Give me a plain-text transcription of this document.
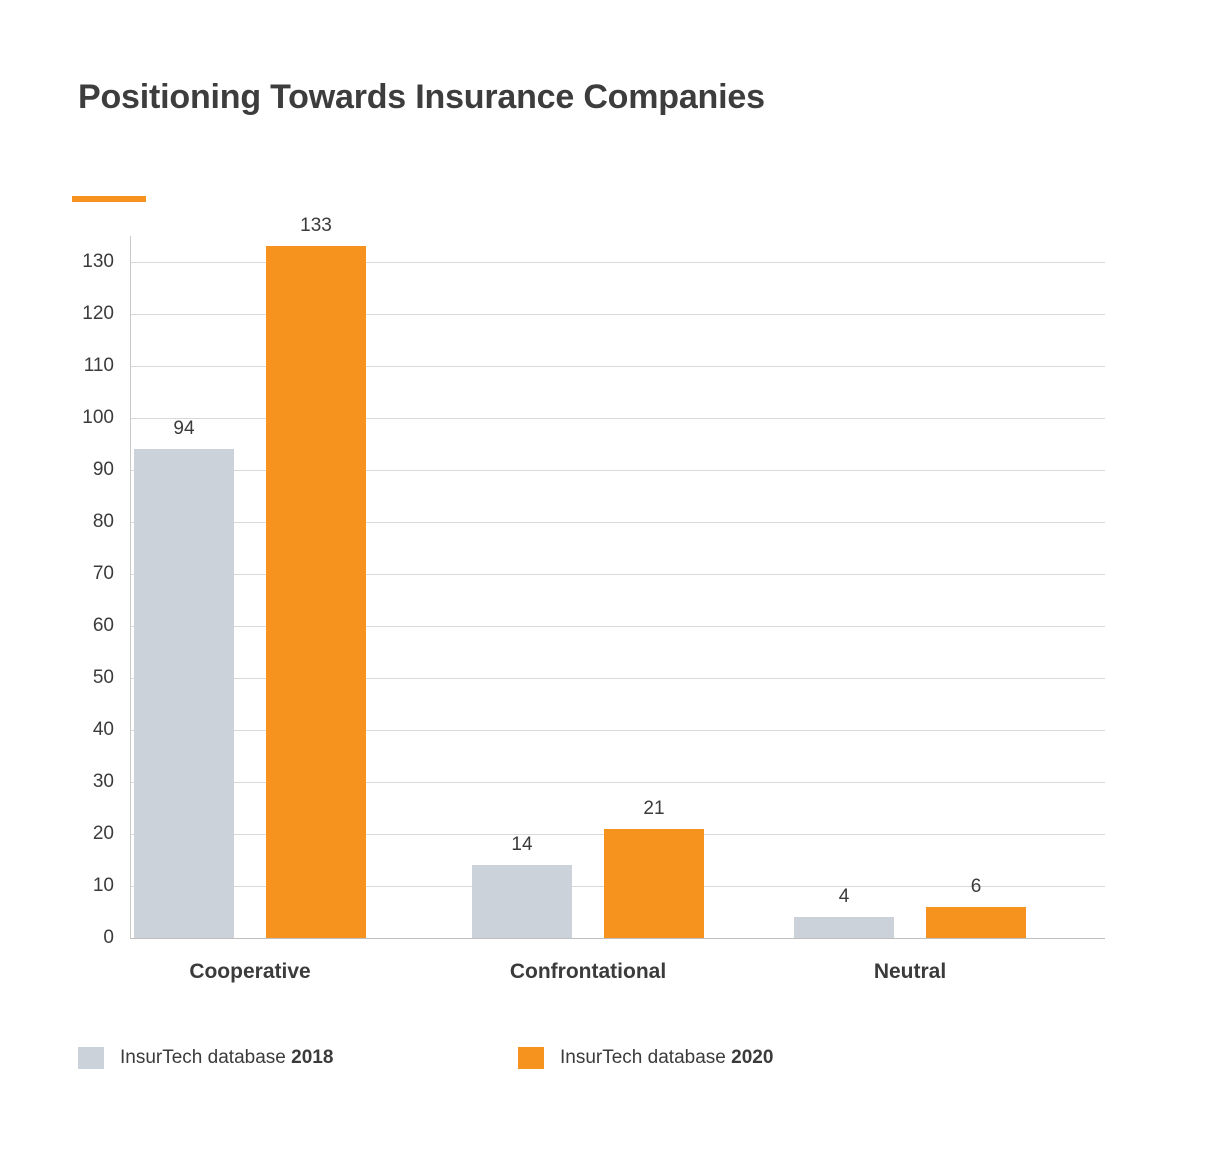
Positioning Towards Insurance Companies
0
10
20
30
40
50
60
70
80
90
100
110
120
130
94
133
14
21
4	6
Cooperative	Confrontational	Neutral
InsurTech database 2018	InsurTech database 2020
